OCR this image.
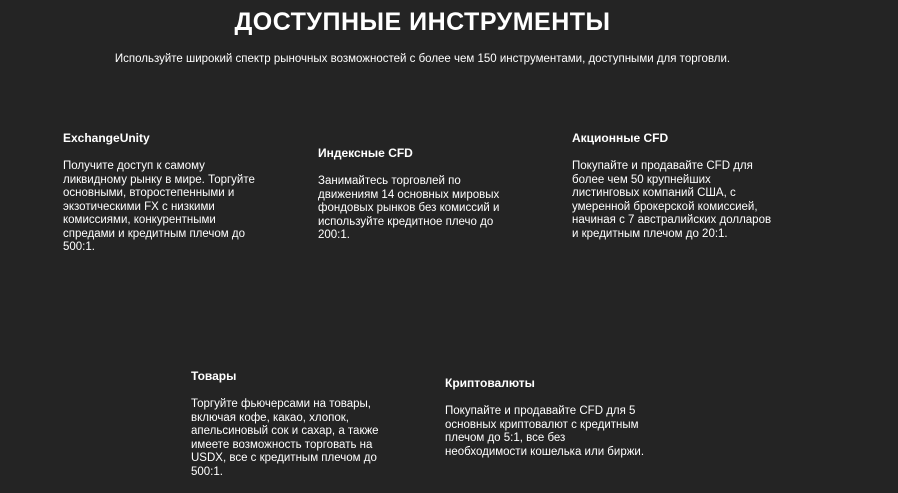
ДОСТУПНЫЕ ИНСТРУМЕНТЫ

Используйте широкий спектр рыночных возможностей с более чем 150 инструментами, доступными для торговли.

ExchangeUnity

Получите доступ к самому ликвидному рынку в мире. Торгуйте основными, второстепенными и экзотическими FX с низкими комиссиями, конкурентными спредами и кредитным плечом до 500:1.

Индексные CFD

Занимайтесь торговлей по движениям 14 основных мировых фондовых рынков без комиссий и используйте кредитное плечо до 200:1.

Акционные CFD

Покупайте и продавайте CFD для более чем 50 крупнейших листинговых компаний США, с умеренной брокерской комиссией, начиная с 7 австралийских долларов и кредитным плечом до 20:1.

Товары

Торгуйте фьючерсами на товары, включая кофе, какао, хлопок, апельсиновый сок и сахар, а также имеете возможность торговать на USDX, все с кредитным плечом до 500:1.

Криптовалюты

Покупайте и продавайте CFD для 5 основных криптовалют с кредитным плечом до 5:1, все без необходимости кошелька или биржи.
